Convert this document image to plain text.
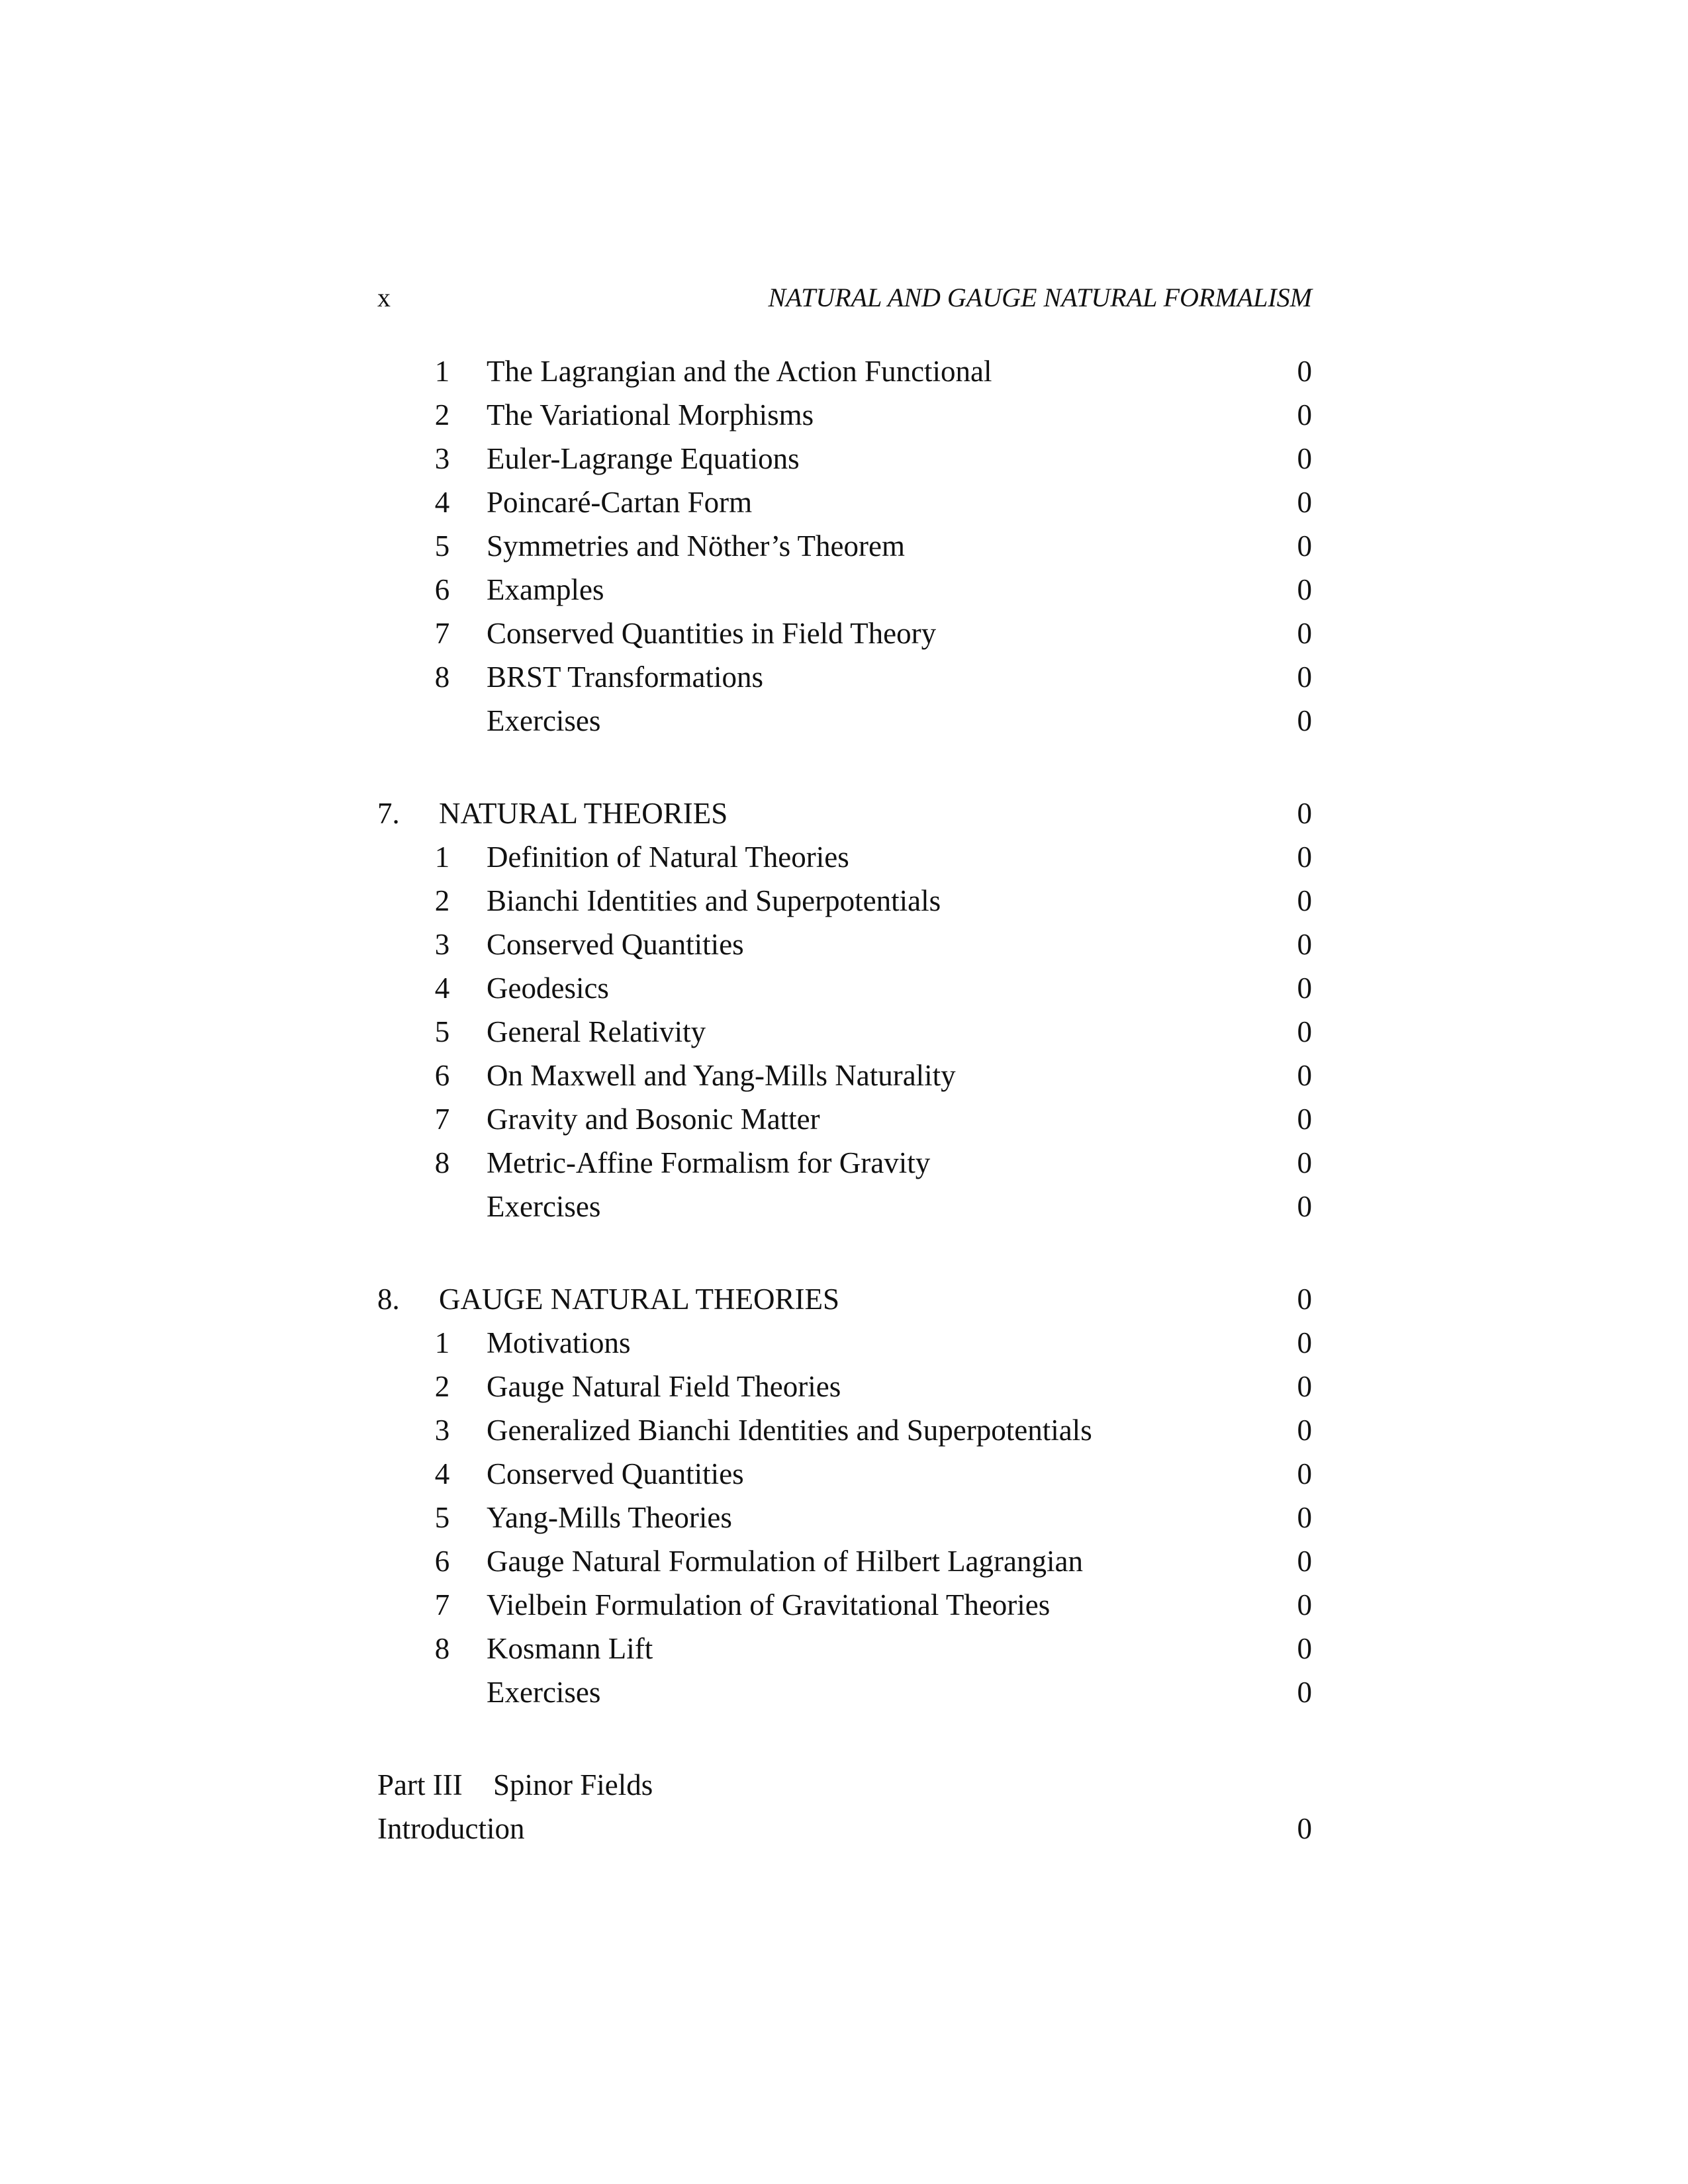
x	NATURAL AND GAUGE NATURAL FORMALISM
1 The Lagrangian and the Action Functional	0
2 The Variational Morphisms	0
3 Euler-Lagrange Equations	0
4 Poincaré-Cartan Form	0
5 Symmetries and Nöther’s Theorem	0
6 Examples	0
7 Conserved Quantities in Field Theory	0
8 BRST Transformations	0
Exercises	0
7. NATURAL THEORIES	0
1 Definition of Natural Theories	0
2 Bianchi Identities and Superpotentials	0
3 Conserved Quantities	0
4 Geodesics	0
5 General Relativity	0
6 On Maxwell and Yang-Mills Naturality	0
7 Gravity and Bosonic Matter	0
8 Metric-Affine Formalism for Gravity	0
Exercises	0
8. GAUGE NATURAL THEORIES	0
1 Motivations	0
2 Gauge Natural Field Theories	0
3 Generalized Bianchi Identities and Superpotentials	0
4 Conserved Quantities	0
5 Yang-Mills Theories	0
6 Gauge Natural Formulation of Hilbert Lagrangian	0
7 Vielbein Formulation of Gravitational Theories	0
8 Kosmann Lift	0
Exercises	0
Part III Spinor Fields
Introduction	0
